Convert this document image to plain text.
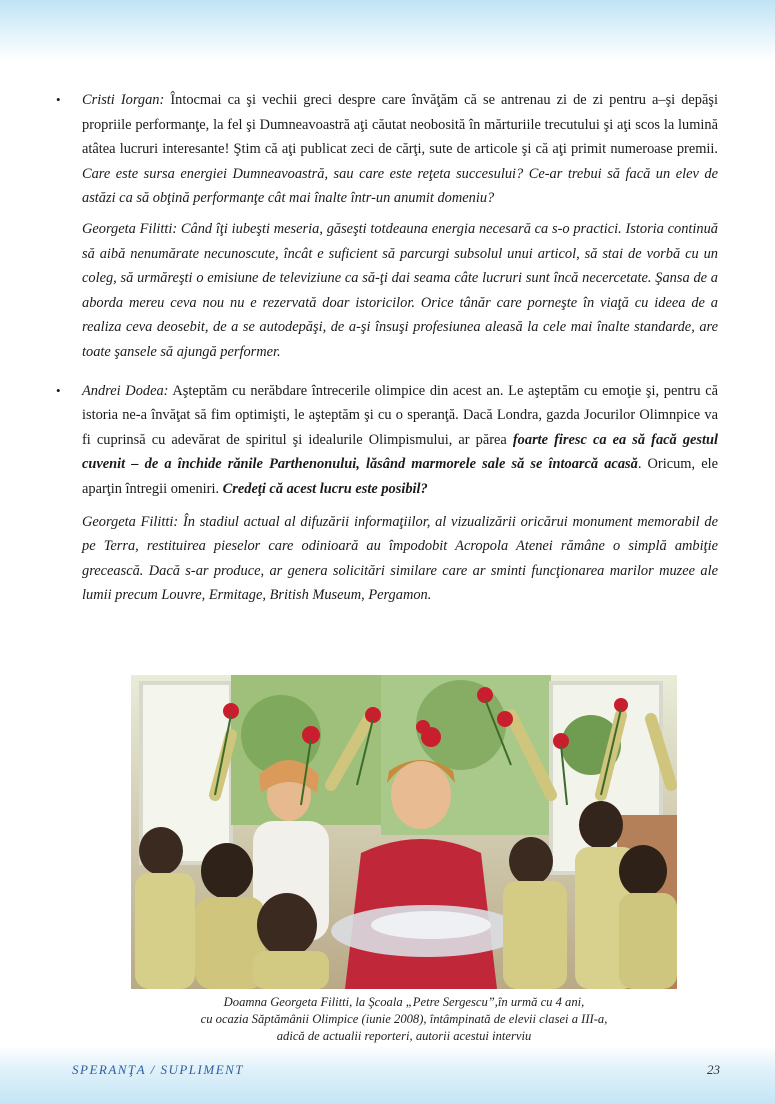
• Cristi Iorgan: Întocmai ca şi vechii greci despre care învăţăm că se antrenau zi de zi pentru a–şi depăşi propriile performanţe, la fel şi Dumneavoastră aţi căutat neobosită în mărturiile trecutului şi aţi scos la lumină atâtea lucruri interesante! Ştim că aţi publicat zeci de cărţi, sute de articole şi că aţi primit numeroase premii. Care este sursa energiei Dumneavoastră, sau care este reţeta succesului? Ce-ar trebui să facă un elev de astăzi ca să obţină performanţe cât mai înalte într-un anumit domeniu?

Georgeta Filitti: Când îţi iubeşti meseria, găseşti totdeauna energia necesară ca s-o practici. Istoria continuă să aibă nenumărate necunoscute, încât e suficient să parcurgi subsolul unui articol, să stai de vorbă cu un coleg, să urmăreşti o emisiune de televiziune ca să-ţi dai seama câte lucruri sunt încă necercetate. Şansa de a aborda mereu ceva nou nu e rezervată doar istoricilor. Orice tânăr care porneşte în viaţă cu ideea de a realiza ceva deosebit, de a se autodepăşi, de a-şi însuşi profesiunea aleasă la cele mai înalte standarde, are toate şansele să ajungă performer.

• Andrei Dodea: Aşteptăm cu nerăbdare întrecerile olimpice din acest an. Le aşteptăm cu emoţie şi, pentru că istoria ne-a învăţat să fim optimişti, le aşteptăm şi cu o speranţă. Dacă Londra, gazda Jocurilor Olimnpice va fi cuprinsă cu adevărat de spiritul şi idealurile Olimpismului, ar părea foarte firesc ca ea să facă gestul cuvenit – de a închide rănile Parthenonului, lăsând marmorele sale să se întoarcă acasă. Oricum, ele aparţin întregii omeniri. Credeţi că acest lucru este posibil?

Georgeta Filitti: În stadiul actual al difuzării informaţiilor, al vizualizării oricărui monument memorabil de pe Terra, restituirea pieselor care odinioară au împodobit Acropola Atenei rămâne o simplă ambiţie grecească. Dacă s-ar produce, ar genera solicitări similare care ar sminti funcţionarea marilor muzee ale lumii precum Louvre, Ermitage, British Museum, Pergamon.

Doamna Georgeta Filitti, la Şcoala „Petre Sergescu”,în urmă cu 4 ani,
cu ocazia Săptămânii Olimpice (iunie 2008), întâmpinată de elevii clasei a III-a,
adică de actualii reporteri, autorii acestui interviu
SPERANŢA / SUPLIMENT	23
